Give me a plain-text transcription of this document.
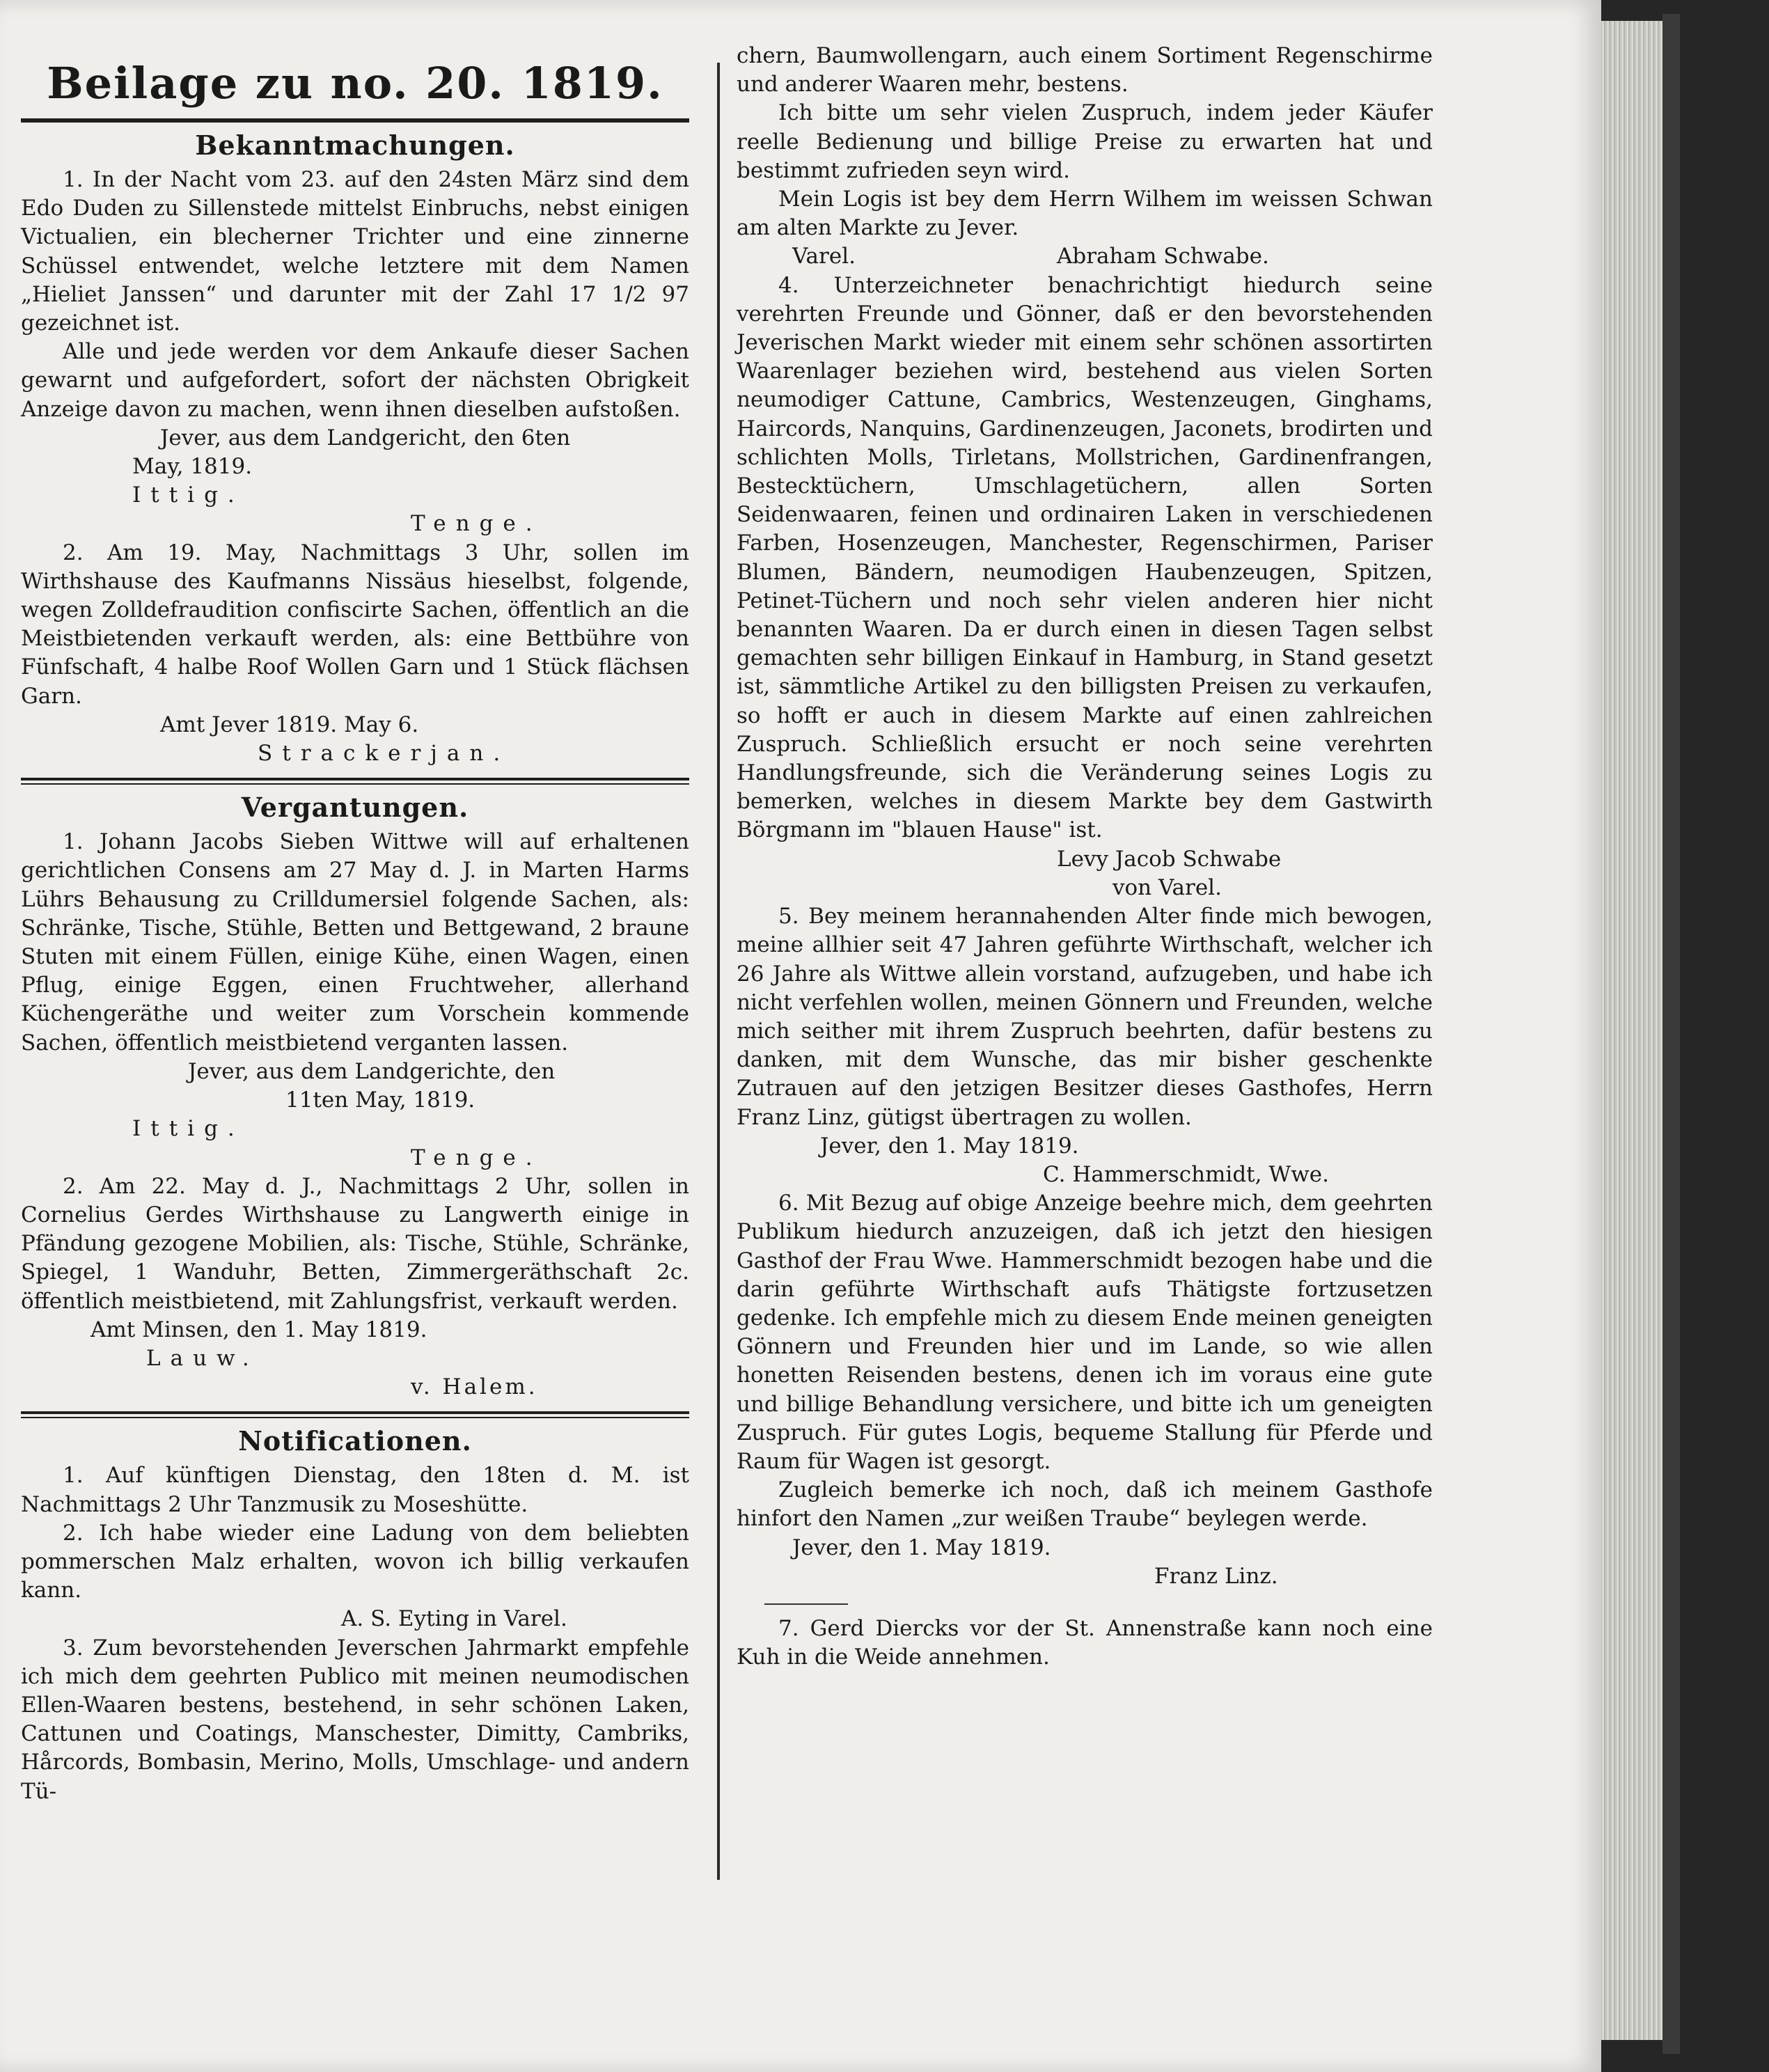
Beilage zu no. 20. 1819.
Bekanntmachungen.

1. In der Nacht vom 23. auf den 24sten März sind dem Edo Duden zu Sillenstede mittelst Einbruchs, nebst einigen Victualien, ein blecherner Trichter und eine zinnerne Schüssel entwendet, welche letztere mit dem Namen „Hieliet Janssen“ und darunter mit der Zahl 17 1/2 97 gezeichnet ist.

Alle und jede werden vor dem Ankaufe dieser Sachen gewarnt und aufgefordert, sofort der nächsten Obrigkeit Anzeige davon zu machen, wenn ihnen dieselben aufstoßen.

Jever, aus dem Landgericht, den 6ten

May, 1819.

Ittig.

Tenge.

2. Am 19. May, Nachmittags 3 Uhr, sollen im Wirthshause des Kaufmanns Nissäus hieselbst, folgende, wegen Zolldefraudition confiscirte Sachen, öffentlich an die Meistbietenden verkauft werden, als: eine Bettbühre von Fünfschaft, 4 halbe Roof Wollen Garn und 1 Stück flächsen Garn.

Amt Jever 1819. May 6.

Strackerjan.

Vergantungen.

1. Johann Jacobs Sieben Wittwe will auf erhaltenen gerichtlichen Consens am 27 May d. J. in Marten Harms Lührs Behausung zu Crilldumersiel folgende Sachen, als: Schränke, Tische, Stühle, Betten und Bettgewand, 2 braune Stuten mit einem Füllen, einige Kühe, einen Wagen, einen Pflug, einige Eggen, einen Fruchtweher, allerhand Küchengeräthe und weiter zum Vorschein kommende Sachen, öffentlich meistbietend verganten lassen.

Jever, aus dem Landgerichte, den

11ten May, 1819.

Ittig.

Tenge.

2. Am 22. May d. J., Nachmittags 2 Uhr, sollen in Cornelius Gerdes Wirthshause zu Langwerth einige in Pfändung gezogene Mobilien, als: Tische, Stühle, Schränke, Spiegel, 1 Wanduhr, Betten, Zimmergeräthschaft 2c. öffentlich meistbietend, mit Zahlungsfrist, verkauft werden.

Amt Minsen, den 1. May 1819.

Lauw.

v. Halem.

Notificationen.

1. Auf künftigen Dienstag, den 18ten d. M. ist Nachmittags 2 Uhr Tanzmusik zu Moseshütte.

2. Ich habe wieder eine Ladung von dem beliebten pommerschen Malz erhalten, wovon ich billig verkaufen kann.

A. S. Eyting in Varel.

3. Zum bevorstehenden Jeverschen Jahrmarkt empfehle ich mich dem geehrten Publico mit meinen neumodischen Ellen-Waaren bestens, bestehend, in sehr schönen Laken, Cattunen und Coatings, Manschester, Dimitty, Cambriks, Hårcords, Bombasin, Merino, Molls, Umschlage- und andern Tü-

chern, Baumwollengarn, auch einem Sortiment Regenschirme und anderer Waaren mehr, bestens.

Ich bitte um sehr vielen Zuspruch, indem jeder Käufer reelle Bedienung und billige Preise zu erwarten hat und bestimmt zufrieden seyn wird.

Mein Logis ist bey dem Herrn Wilhem im weissen Schwan am alten Markte zu Jever.

Varel.	Abraham Schwabe.

4. Unterzeichneter benachrichtigt hiedurch seine verehrten Freunde und Gönner, daß er den bevorstehenden Jeverischen Markt wieder mit einem sehr schönen assortirten Waarenlager beziehen wird, bestehend aus vielen Sorten neumodiger Cattune, Cambrics, Westenzeugen, Ginghams, Haircords, Nanquins, Gardinenzeugen, Jaconets, brodirten und schlichten Molls, Tirletans, Mollstrichen, Gardinenfrangen, Bestecktüchern, Umschlagetüchern, allen Sorten Seidenwaaren, feinen und ordinairen Laken in verschiedenen Farben, Hosenzeugen, Manchester, Regenschirmen, Pariser Blumen, Bändern, neumodigen Haubenzeugen, Spitzen, Petinet-Tüchern und noch sehr vielen anderen hier nicht benannten Waaren. Da er durch einen in diesen Tagen selbst gemachten sehr billigen Einkauf in Hamburg, in Stand gesetzt ist, sämmtliche Artikel zu den billigsten Preisen zu verkaufen, so hofft er auch in diesem Markte auf einen zahlreichen Zuspruch. Schließlich ersucht er noch seine verehrten Handlungsfreunde, sich die Veränderung seines Logis zu bemerken, welches in diesem Markte bey dem Gastwirth Börgmann im "blauen Hause" ist.

Levy Jacob Schwabe

von Varel.

5. Bey meinem herannahenden Alter finde mich bewogen, meine allhier seit 47 Jahren geführte Wirthschaft, welcher ich 26 Jahre als Wittwe allein vorstand, aufzugeben, und habe ich nicht verfehlen wollen, meinen Gönnern und Freunden, welche mich seither mit ihrem Zuspruch beehrten, dafür bestens zu danken, mit dem Wunsche, das mir bisher geschenkte Zutrauen auf den jetzigen Besitzer dieses Gasthofes, Herrn Franz Linz, gütigst übertragen zu wollen.

Jever, den 1. May 1819.

C. Hammerschmidt, Wwe.

6. Mit Bezug auf obige Anzeige beehre mich, dem geehrten Publikum hiedurch anzuzeigen, daß ich jetzt den hiesigen Gasthof der Frau Wwe. Hammerschmidt bezogen habe und die darin geführte Wirthschaft aufs Thätigste fortzusetzen gedenke. Ich empfehle mich zu diesem Ende meinen geneigten Gönnern und Freunden hier und im Lande, so wie allen honetten Reisenden bestens, denen ich im voraus eine gute und billige Behandlung versichere, und bitte ich um geneigten Zuspruch. Für gutes Logis, bequeme Stallung für Pferde und Raum für Wagen ist gesorgt.

Zugleich bemerke ich noch, daß ich meinem Gasthofe hinfort den Namen „zur weißen Traube“ beylegen werde.

Jever, den 1. May 1819.

Franz Linz.

7. Gerd Diercks vor der St. Annenstraße kann noch eine Kuh in die Weide annehmen.
